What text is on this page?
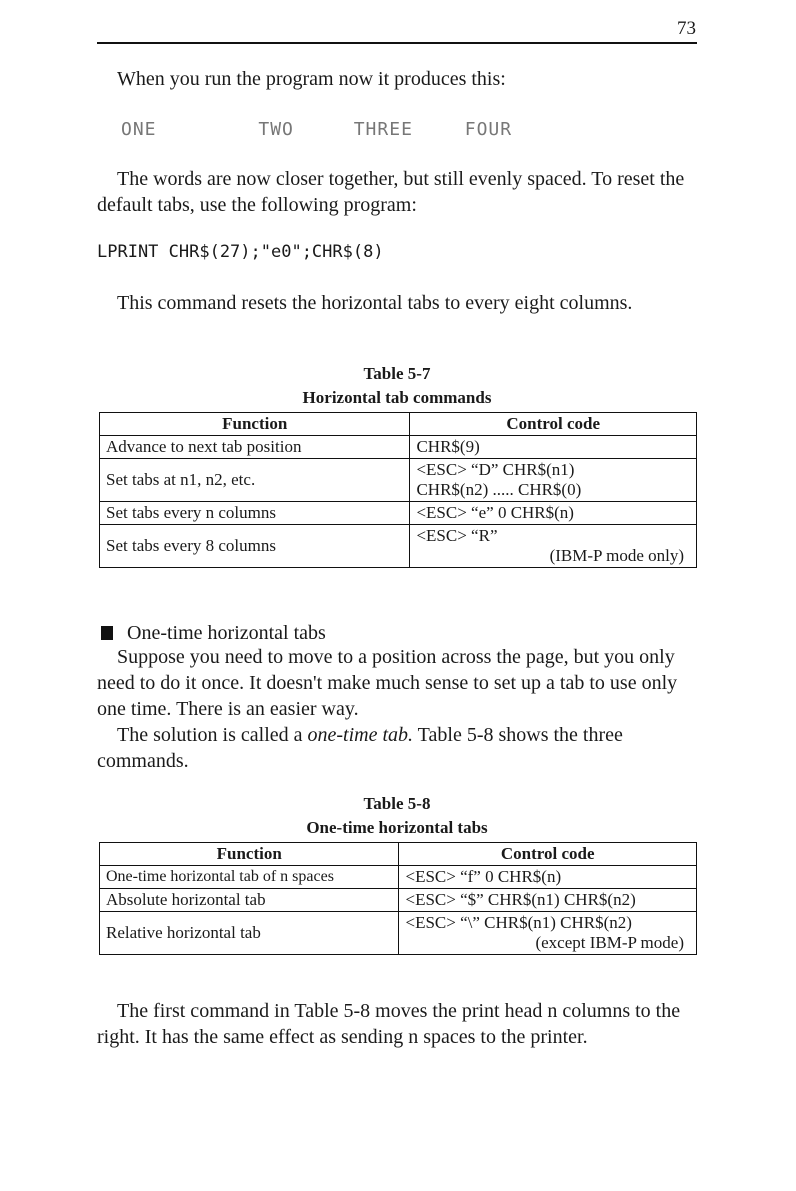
73

When you run the program now it produces this:

ONE	TWO	THREE	FOUR

The words are now closer together, but still evenly spaced. To reset the default tabs, use the following program:

LPRINT CHR$(27);"e0";CHR$(8)

This command resets the horizontal tabs to every eight columns.

Table 5-7
Horizontal tab commands
Function	Control code
Advance to next tab position	CHR$(9)
Set tabs at n1, n2, etc.	<ESC> “D” CHR$(n1)
CHR$(n2) ..... CHR$(0)
Set tabs every n columns	<ESC> “e” 0 CHR$(n)
Set tabs every 8 columns	<ESC> “R”
(IBM-P mode only)
One-time horizontal tabs

Suppose you need to move to a position across the page, but you only need to do it once. It doesn't make much sense to set up a tab to use only one time. There is an easier way.

The solution is called a one-time tab. Table 5-8 shows the three commands.

Table 5-8
One-time horizontal tabs
Function	Control code
One-time horizontal tab of n spaces	<ESC> “f” 0 CHR$(n)
Absolute horizontal tab	<ESC> “$” CHR$(n1) CHR$(n2)
Relative horizontal tab	<ESC> “\” CHR$(n1) CHR$(n2)
(except IBM-P mode)

The first command in Table 5-8 moves the print head n columns to the right. It has the same effect as sending n spaces to the printer.
